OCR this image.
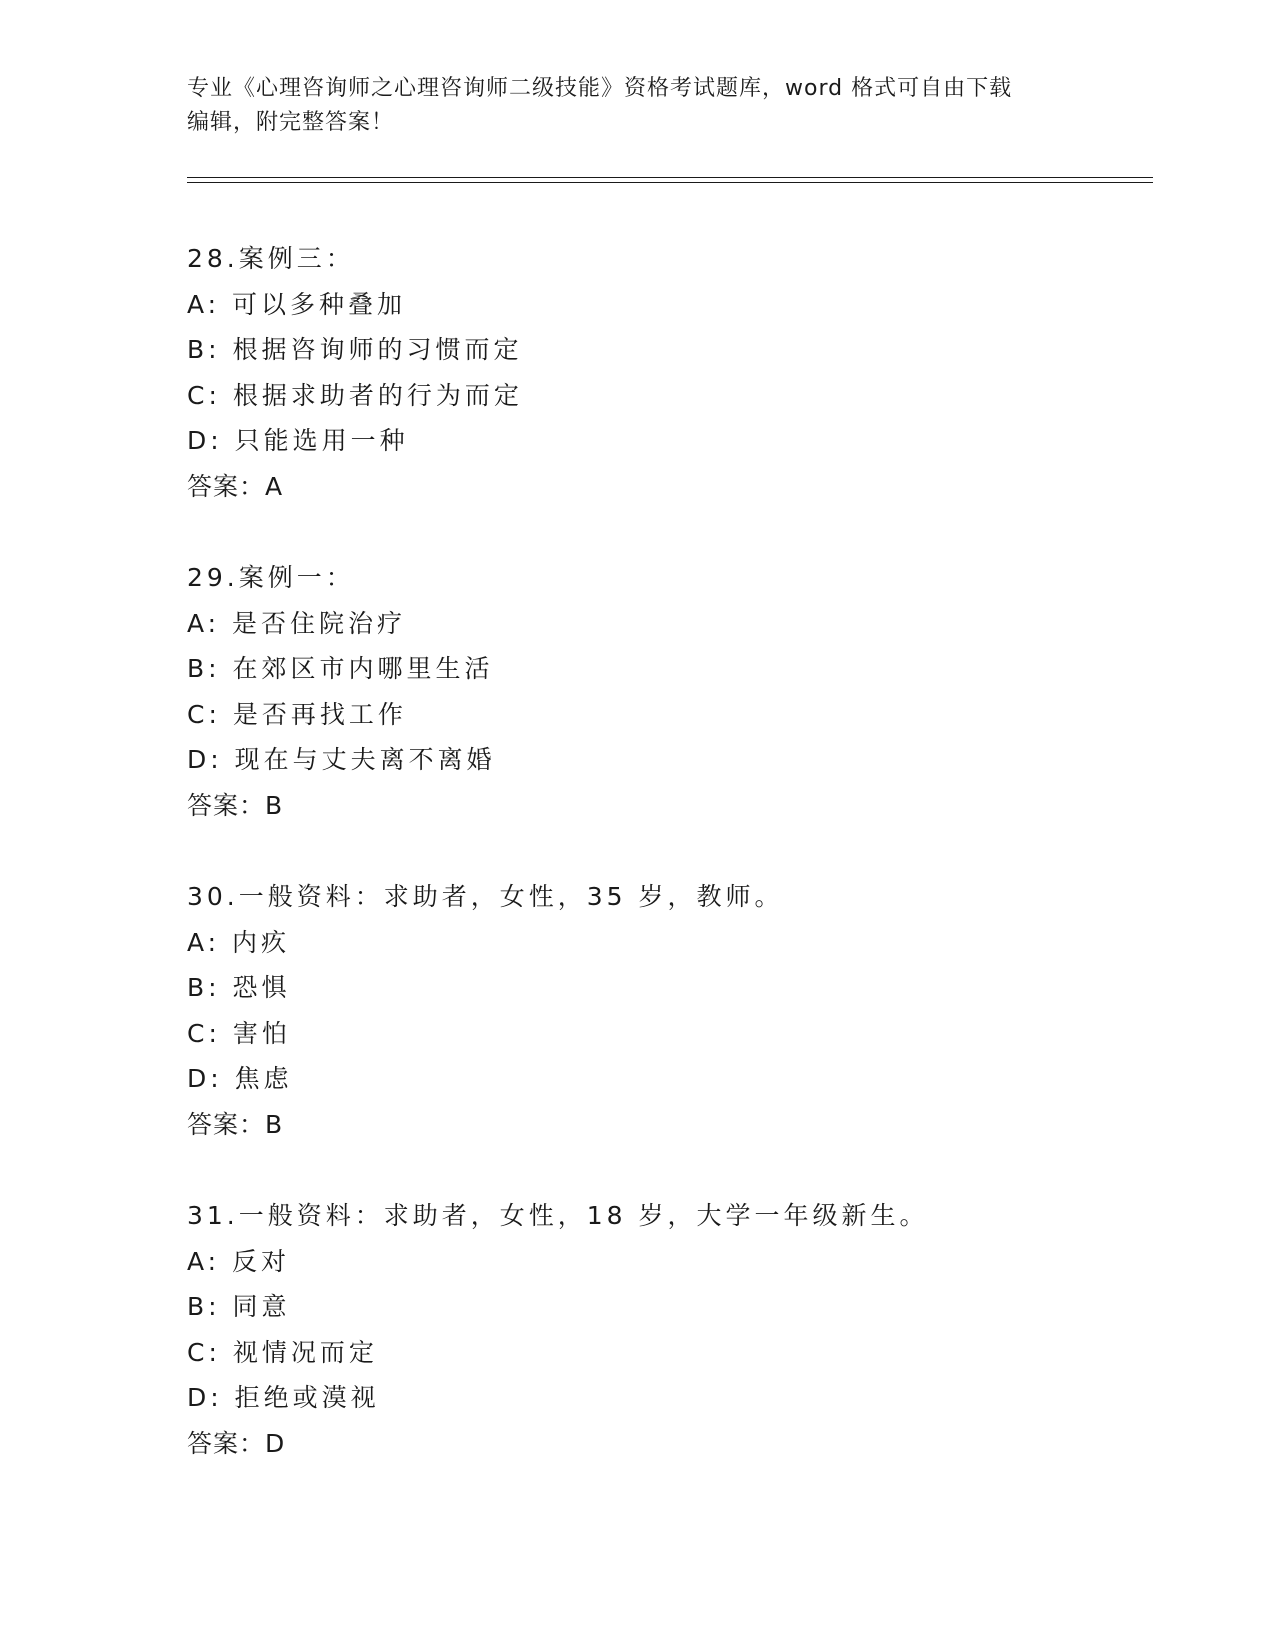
专业《心理咨询师之心理咨询师二级技能》资格考试题库，word 格式可自由下载
编辑，附完整答案！
28.案例三：
A: 可以多种叠加
B: 根据咨询师的习惯而定
C: 根据求助者的行为而定
D: 只能选用一种
答案：A
29.案例一：
A: 是否住院治疗
B: 在郊区市内哪里生活
C: 是否再找工作
D: 现在与丈夫离不离婚
答案：B
30.一般资料：求助者，女性，35 岁，教师。
A: 内疚
B: 恐惧
C: 害怕
D: 焦虑
答案：B
31.一般资料：求助者，女性，18 岁，大学一年级新生。
A: 反对
B: 同意
C: 视情况而定
D: 拒绝或漠视
答案：D
